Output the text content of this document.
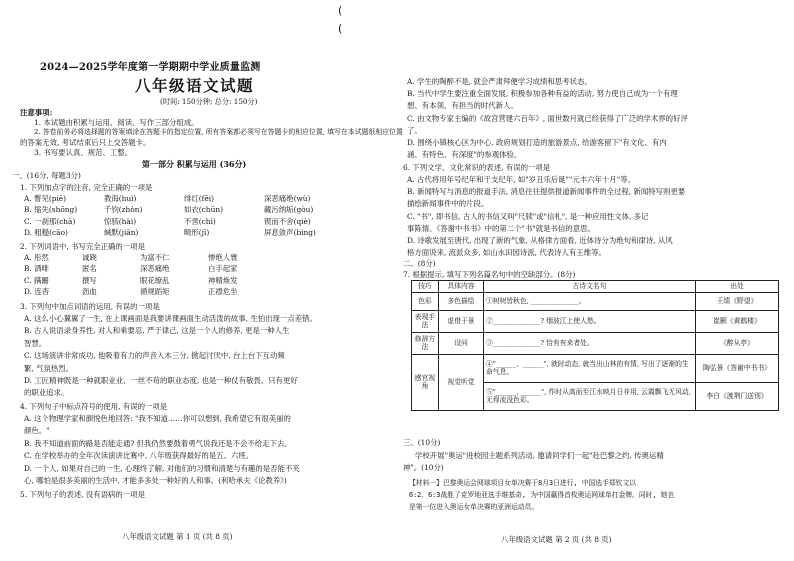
(
(
2024—2025学年度第一学期期中学业质量监测
八年级语文试题
(时间: 150分钟; 总分: 150分)
注意事项:
1. 本试题由积累与运用、阅读、写作三部分组成。
2. 答卷前务必将选择题的答案填涂在答题卡的指定位置, 所有答案都必须写在答题卡的相应位置, 填写在本试题纸相应位置
的答案无效, 考试结束后只上交答题卡。
3. 书写要认真、规范、工整。
第一部分 积累与运用 (36分)
一、(16分, 每题3分)
1. 下列加点字的注音, 完全正确的一项是
A. 瞥见(piē)	教诲(huì)	绯红(fēi)	深恶痛绝(wù)
B. 缩先(shōng)	千钧(zhòn)	如衣(chūn)	藏污纳垢(gòu)
C. 一刹那(chà)	惊骇(hài)	不啻(chì)	锲而不舍(qiè)
D. 粗糙(cāo)	缄默(jiān)	畸形(jī)	屏息敛声(bìng)
2. 下列词语中, 书写完全正确的一项是
A. 彤然	诚跷	为富不仁	惨绝人寰
B. 洒啡	匿名	深恶痛绝	白手起家
C. 蹒跚	撰写	眼花缭乱	神精焕发
D. 连杳	沥血	循规蹈矩	正襟危坐
3. 下列句中加点词语的运用, 有误的一项是
A. 这么小心翼翼了一生, 在上课画面是我要讲课画面生动活泼的故事, 生怕出现一点差错。
B. 古人说语录身养性, 对人和乘要忍, 严于律己, 这是一个人的修养, 更是一种人生
智慧。
C. 这场演讲非常成功, 他吸着有力的声音入木三分, 掀起讨厌中, 台上台下互动频
繁, 气氛热烈。
D. 工匠精神既是一种就职业业、一丝不苟的职业态度, 也是一种仗有敬畏、只有更好
的职业追求。
4. 下列句子中标点符号的使用, 有误的一项是
A. 这个物理学家和颜悦色地回答: "我不知道……你可以想到, 我希望它有很美丽的
颜色。"
B. 我不知道前面的路是否能走通? 但我仍然要鼓着勇气说我还是不会不给走下去。
C. 在学校举办的全年次读演讲比赛中, 八年级获得最好的是五、六班。
D. 一个人, 如果对自己的一生, 心理终了解, 对他们的习惯和清楚与有趣的是否能不夹
心, 哪怕是很多美丽的生活中, 才能多多处一种好的人和事。(利哈承夫《论教养》)
5. 下列句子的表述, 没有语病的一项是
八年级语文试题 第 1 页 (共 8 页)
A. 学生的陶醉不是, 就会严肃拜便学习成绩和思考状态。
B. 当代中学生要注重全面发展, 积极参加各种有益的活动, 努力使自己成为一个有理
想、有本领、有担当的时代新人。
C. 由文物专家主编的《故宫营建六百年》, 面世数月就已经获得了广泛的学术界的好评
了。
D. 围绕小镇核心区为中心, 政府规划打造的旅游景点, 给游客留下"有文化、有内
涵、有特色、有深度"的参观体验。
6. 下列文学、文化常识的表述, 有误的一项是
A. 古代将用年号纪年和干支纪年, 如"岁丑乐后诞""元丰六年十月"等。
B. 新闻特写与消息的报道手法, 消息往往提供报道新闻事件的全过程, 新闻特写则更要
描绘新闻事件中的片段。
C. "书", 即书信, 古人的书信又叫"尺牍"或"信札", 是一种应用性文体, 多记
事陈情。《答谢中书书》中的第二个"书"就是书信的意思。
D. 诗歌发展至唐代, 出现了新的气象, 从格律方面看, 近体诗分为绝句和律诗, 从风
格方面说来, 流派众多, 如山水田园诗派, 代表诗人有王维等。
二、(8分)
7. 根据提示, 填写下列名篇名句中的空缺部分。(8分)
技巧	具体内容	古诗文名句	出处
色彩	多色描绘	①树树皆秋色, ______________。	王绩《野望》
表现手法	虚借于景	②______________? 烟波江上使人愁。	崔颢《黄鹤楼》
修辞方法	设问	③______________? 恰有有来者处。	《醉从亭》
感官视角	视觉听觉	④"______、______", 就时动态, 就当出山林的有情, 写出了逐渐的生命气息。	陶弘景《答谢中书书》
		⑤"______, ______", 作时从高而至江水映月日非用, 云霞飘飞无风动, 无得流没色彩。	李白《渡荆门送别》
三、(10分)
学校开展"奥运"进校园主题系列活动, 邀请同学们一起"赴巴黎之约, 传奥运精
神"。(10分)
【材料一】巴黎奥运会网球项目女单决赛于8月3日进行, 中国选手郑钦文以
6:2、6:3战胜了克罗地亚选手维基奇, 为中国赢得首枚奥运网球单打金牌。同时, 她也
是第一位进入奥运女单决赛的亚洲运动员。
八年级语文试题 第 2 页 (共 8 页)
